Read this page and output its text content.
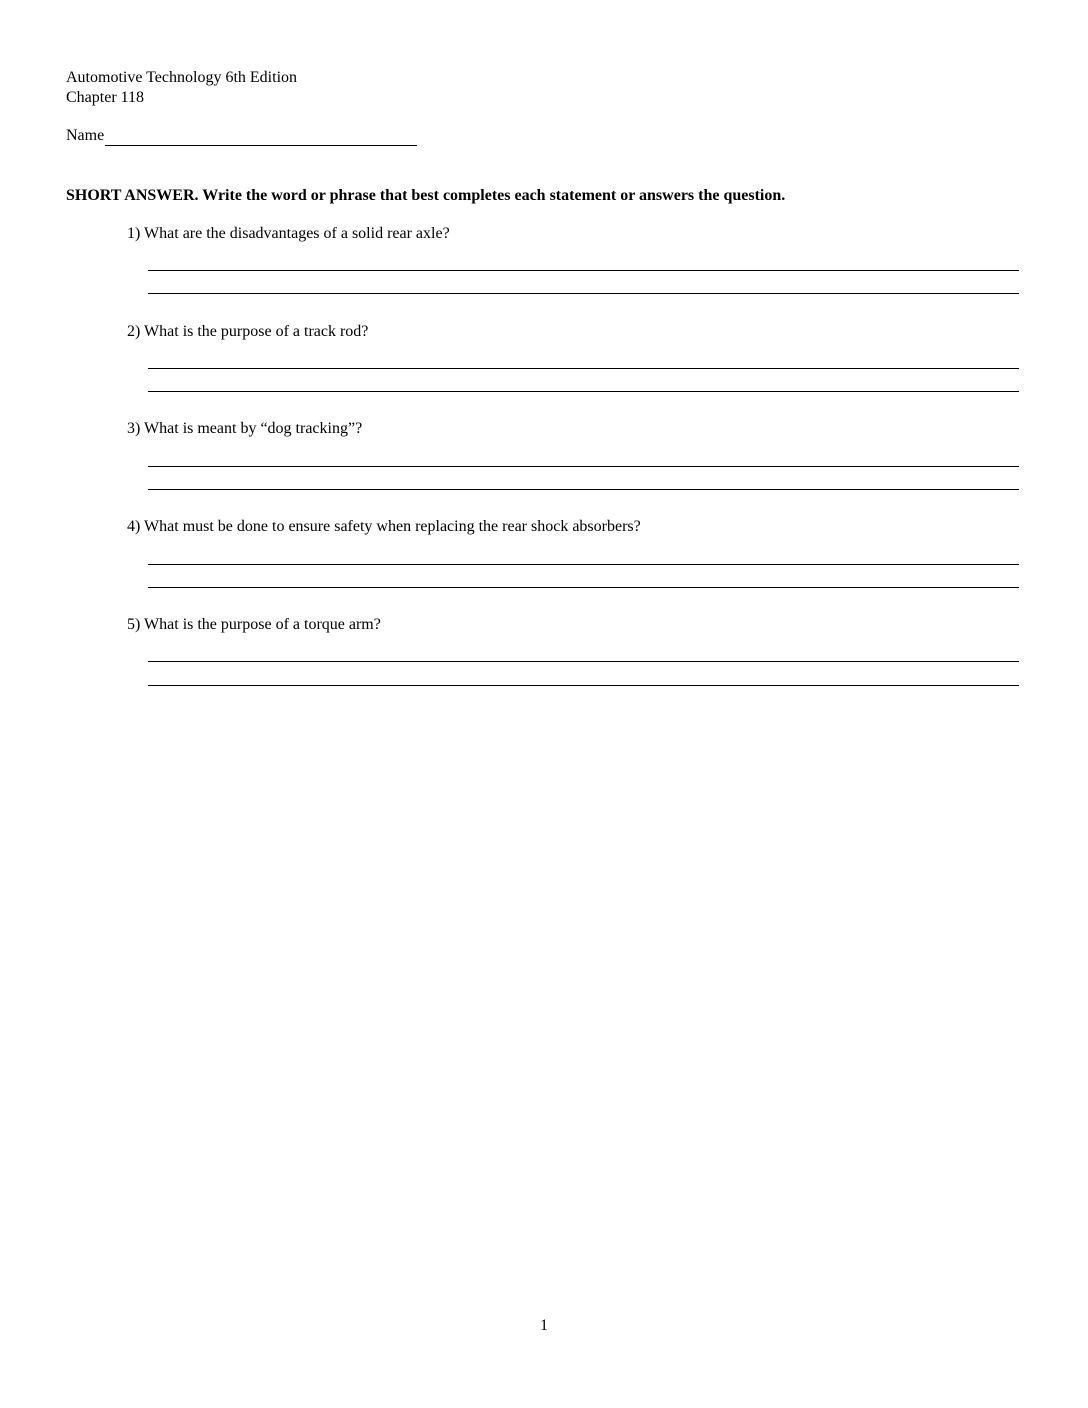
Automotive Technology 6th Edition
Chapter 118
Name
SHORT ANSWER. Write the word or phrase that best completes each statement or answers the question.
1) What are the disadvantages of a solid rear axle?
2) What is the purpose of a track rod?
3) What is meant by “dog tracking”?
4) What must be done to ensure safety when replacing the rear shock absorbers?
5) What is the purpose of a torque arm?
1
